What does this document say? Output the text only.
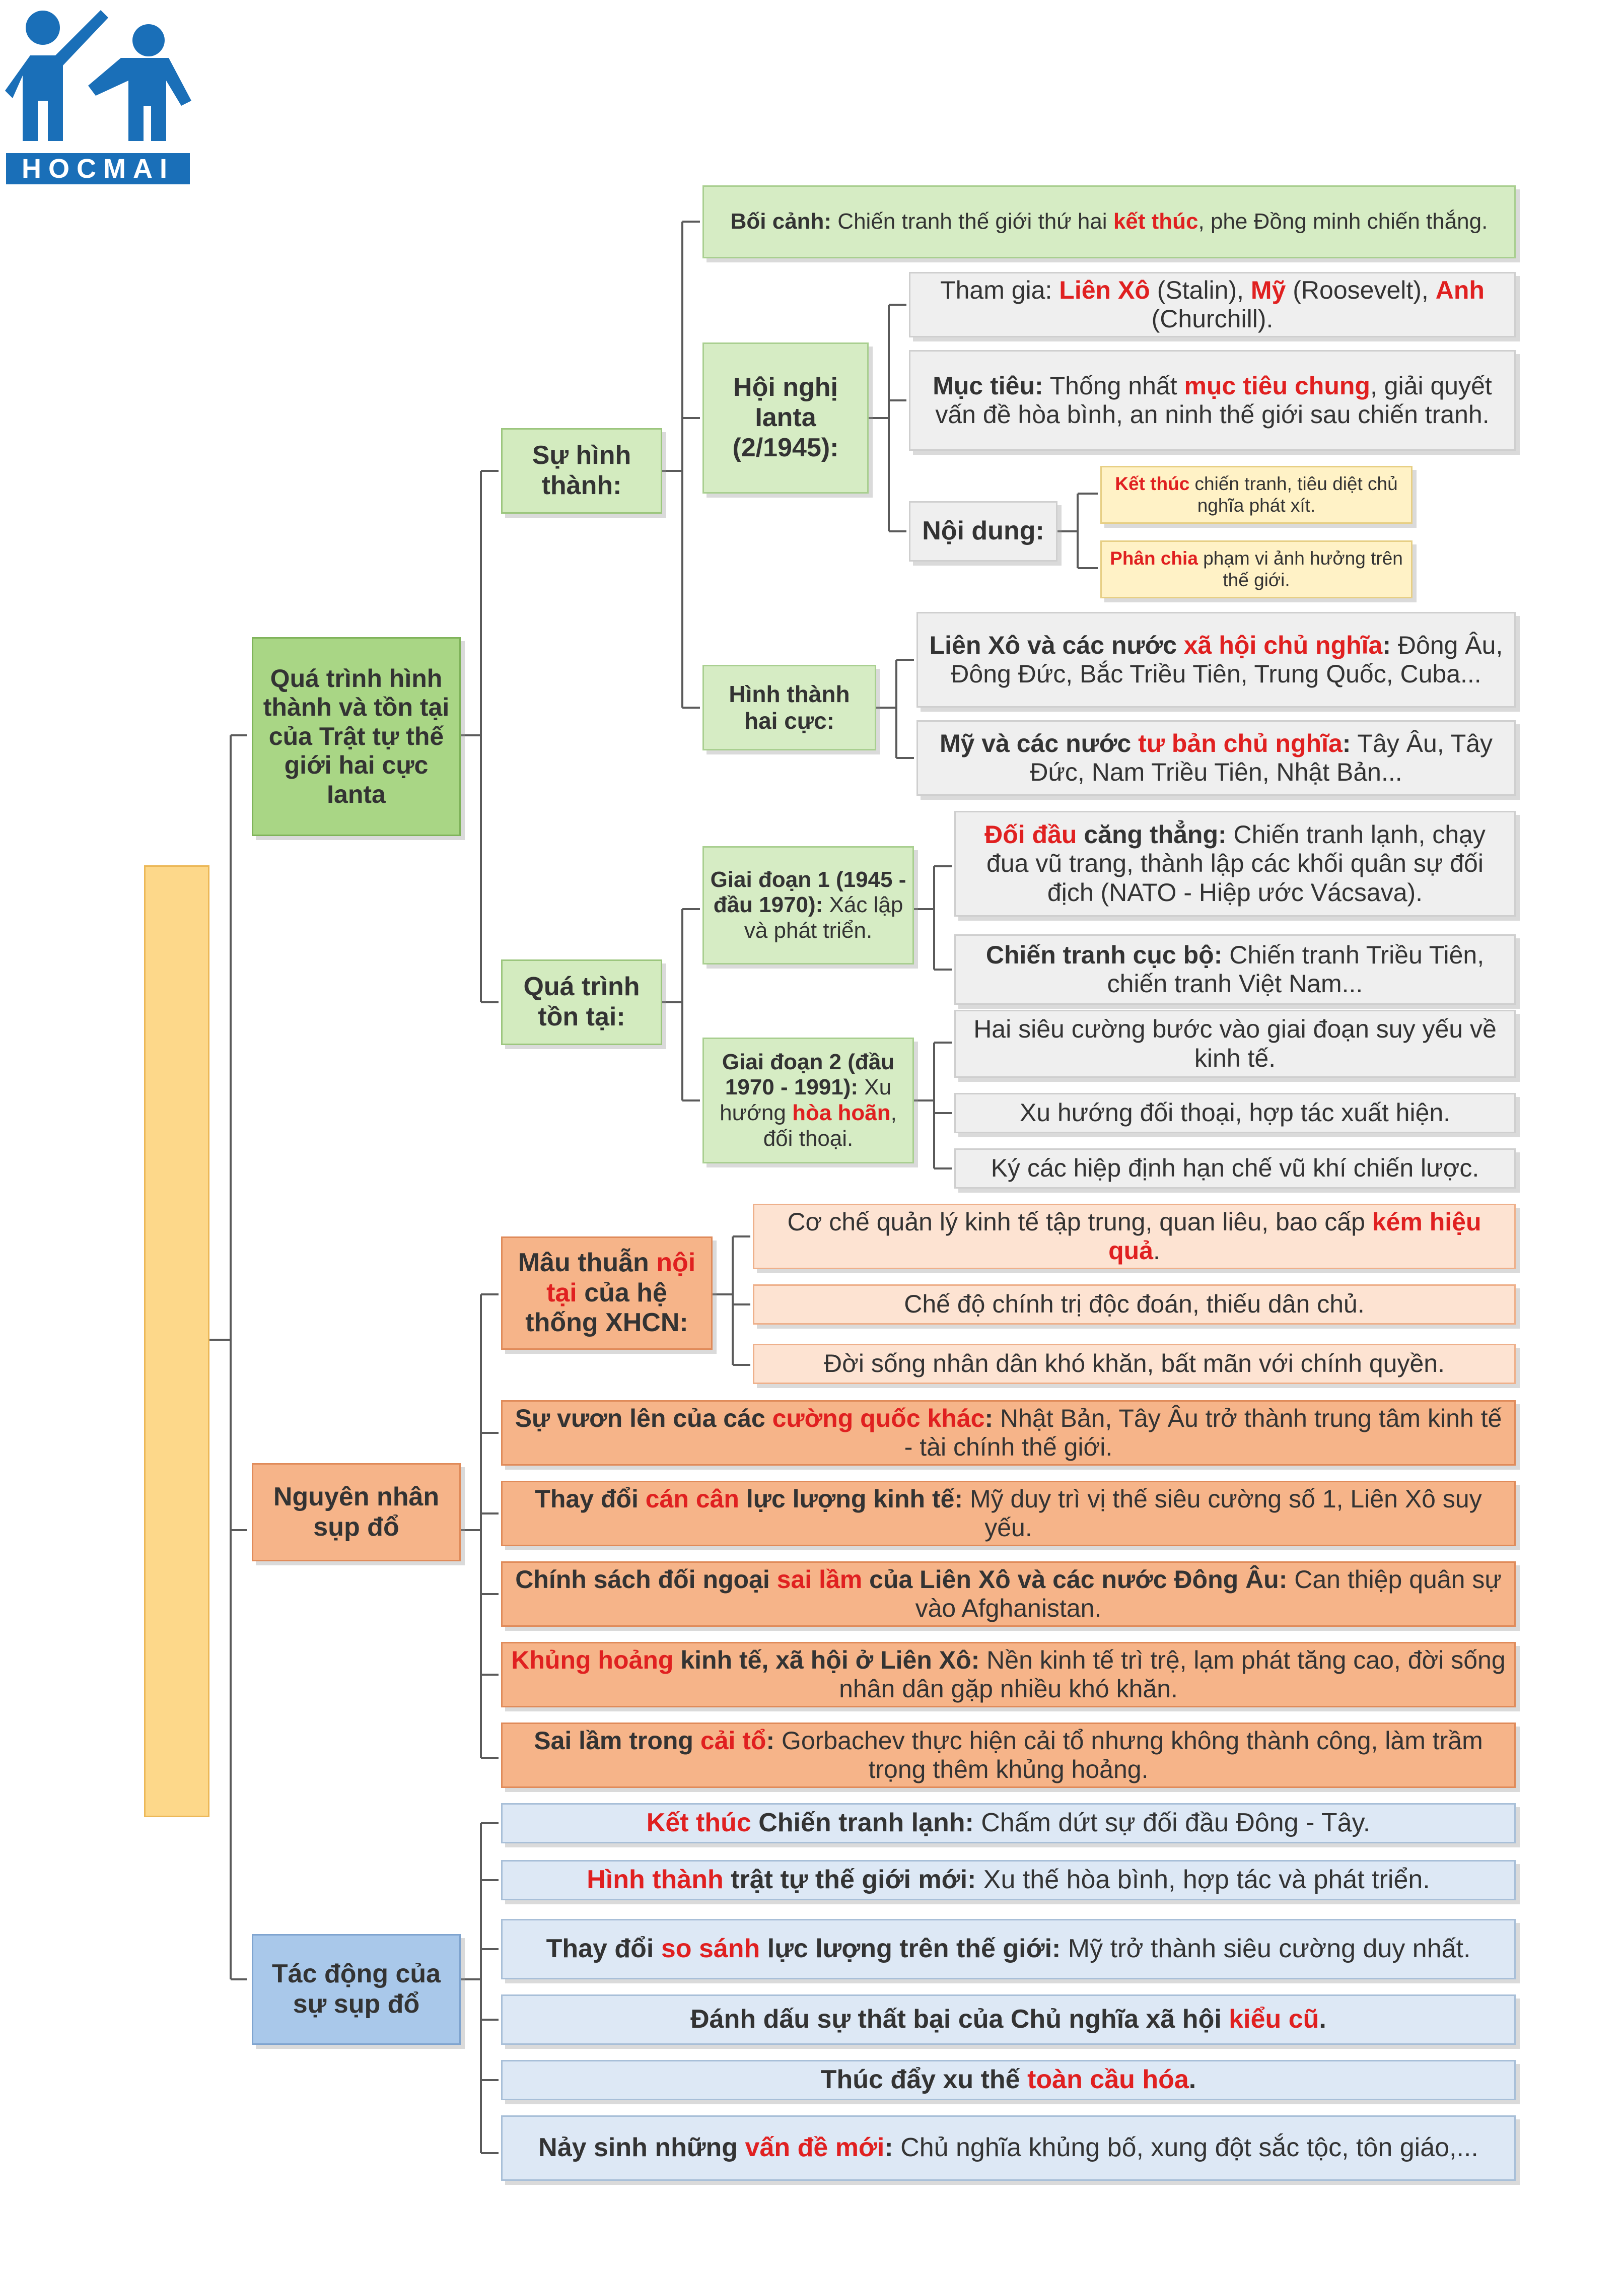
HOCMAI
Quá trình hình thành và tồn tại của Trật tự thế giới hai cực Ianta
Nguyên nhân sụp đổ
Tác động của sự sụp đổ
Sự hình thành:
Bối cảnh: Chiến tranh thế giới thứ hai kết thúc, phe Đồng minh chiến thắng.
Hội nghị Ianta (2/1945):
Tham gia: Liên Xô (Stalin), Mỹ (Roosevelt), Anh (Churchill).
Mục tiêu: Thống nhất mục tiêu chung, giải quyết vấn đề hòa bình, an ninh thế giới sau chiến tranh.
Nội dung:
Kết thúc chiến tranh, tiêu diệt chủ nghĩa phát xít.
Phân chia phạm vi ảnh hưởng trên thế giới.
Hình thành hai cực:
Liên Xô và các nước xã hội chủ nghĩa: Đông Âu, Đông Đức, Bắc Triều Tiên, Trung Quốc, Cuba...
Mỹ và các nước tư bản chủ nghĩa: Tây Âu, Tây Đức, Nam Triều Tiên, Nhật Bản...
Quá trình tồn tại:
Giai đoạn 1 (1945 - đầu 1970): Xác lập và phát triển.
Đối đầu căng thẳng: Chiến tranh lạnh, chạy đua vũ trang, thành lập các khối quân sự đối địch (NATO - Hiệp ước Vácsava).
Chiến tranh cục bộ: Chiến tranh Triều Tiên, chiến tranh Việt Nam...
Giai đoạn 2 (đầu 1970 - 1991): Xu hướng hòa hoãn, đối thoại.
Hai siêu cường bước vào giai đoạn suy yếu về kinh tế.
Xu hướng đối thoại, hợp tác xuất hiện.
Ký các hiệp định hạn chế vũ khí chiến lược.
Mâu thuẫn nội tại của hệ thống XHCN:
Cơ chế quản lý kinh tế tập trung, quan liêu, bao cấp kém hiệu quả.
Chế độ chính trị độc đoán, thiếu dân chủ.
Đời sống nhân dân khó khăn, bất mãn với chính quyền.
Sự vươn lên của các cường quốc khác: Nhật Bản, Tây Âu trở thành trung tâm kinh tế - tài chính thế giới.
Thay đổi cán cân lực lượng kinh tế: Mỹ duy trì vị thế siêu cường số 1, Liên Xô suy yếu.
Chính sách đối ngoại sai lầm của Liên Xô và các nước Đông Âu: Can thiệp quân sự vào Afghanistan.
Khủng hoảng kinh tế, xã hội ở Liên Xô: Nền kinh tế trì trệ, lạm phát tăng cao, đời sống nhân dân gặp nhiều khó khăn.
Sai lầm trong cải tổ: Gorbachev thực hiện cải tổ nhưng không thành công, làm trầm trọng thêm khủng hoảng.
Kết thúc Chiến tranh lạnh: Chấm dứt sự đối đầu Đông - Tây.
Hình thành trật tự thế giới mới: Xu thế hòa bình, hợp tác và phát triển.
Thay đổi so sánh lực lượng trên thế giới: Mỹ trở thành siêu cường duy nhất.
Đánh dấu sự thất bại của Chủ nghĩa xã hội kiểu cũ.
Thúc đẩy xu thế toàn cầu hóa.
Nảy sinh những vấn đề mới: Chủ nghĩa khủng bố, xung đột sắc tộc, tôn giáo,...
